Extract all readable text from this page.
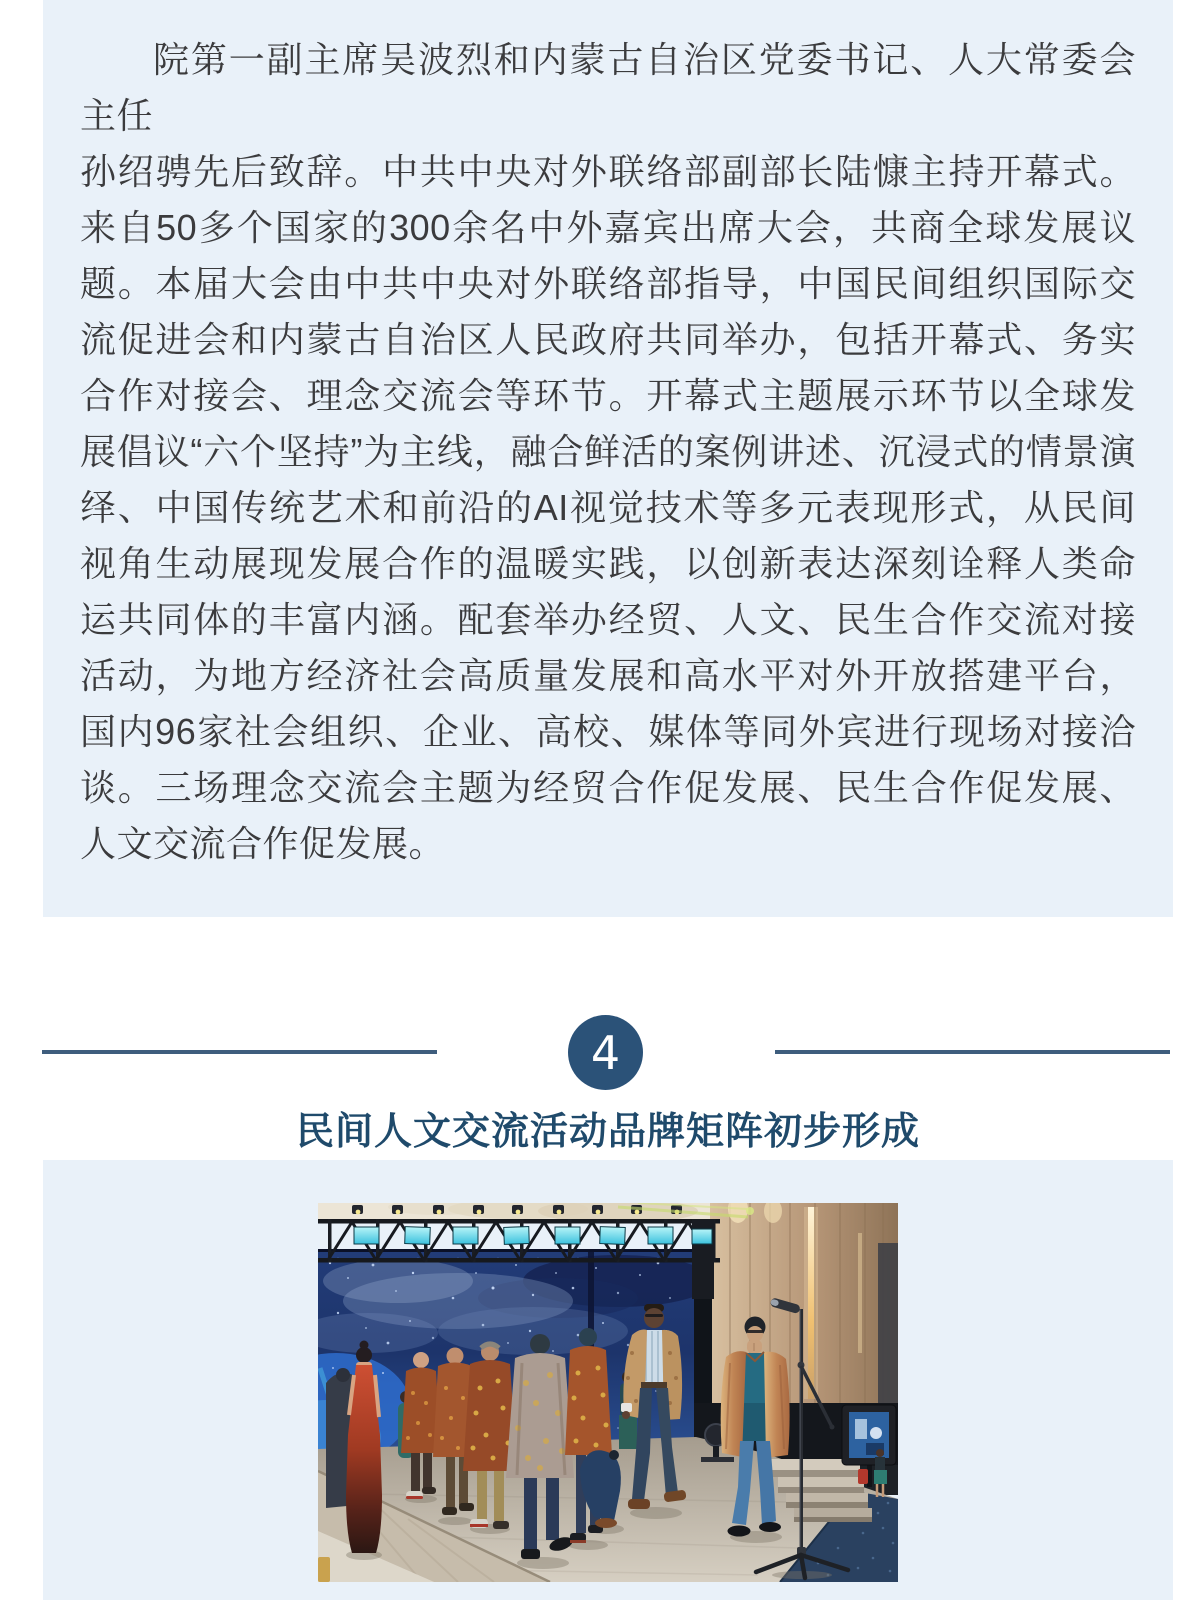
院第一副主席吴波烈和内蒙古自治区党委书记、人大常委会主任

孙绍骋先后致辞。中共中央对外联络部副部长陆慷主持开幕式。来自50多个国家的300余名中外嘉宾出席大会，共商全球发展议题。本届大会由中共中央对外联络部指导，中国民间组织国际交流促进会和内蒙古自治区人民政府共同举办，包括开幕式、务实合作对接会、理念交流会等环节。开幕式主题展示环节以全球发展倡议“六个坚持”为主线，融合鲜活的案例讲述、沉浸式的情景演绎、中国传统艺术和前沿的AI视觉技术等多元表现形式，从民间视角生动展现发展合作的温暖实践，以创新表达深刻诠释人类命运共同体的丰富内涵。配套举办经贸、人文、民生合作交流对接活动，为地方经济社会高质量发展和高水平对外开放搭建平台，国内96家社会组织、企业、高校、媒体等同外宾进行现场对接洽谈。三场理念交流会主题为经贸合作促发展、民生合作促发展、人文交流合作促发展。

4
民间人文交流活动品牌矩阵初步形成
